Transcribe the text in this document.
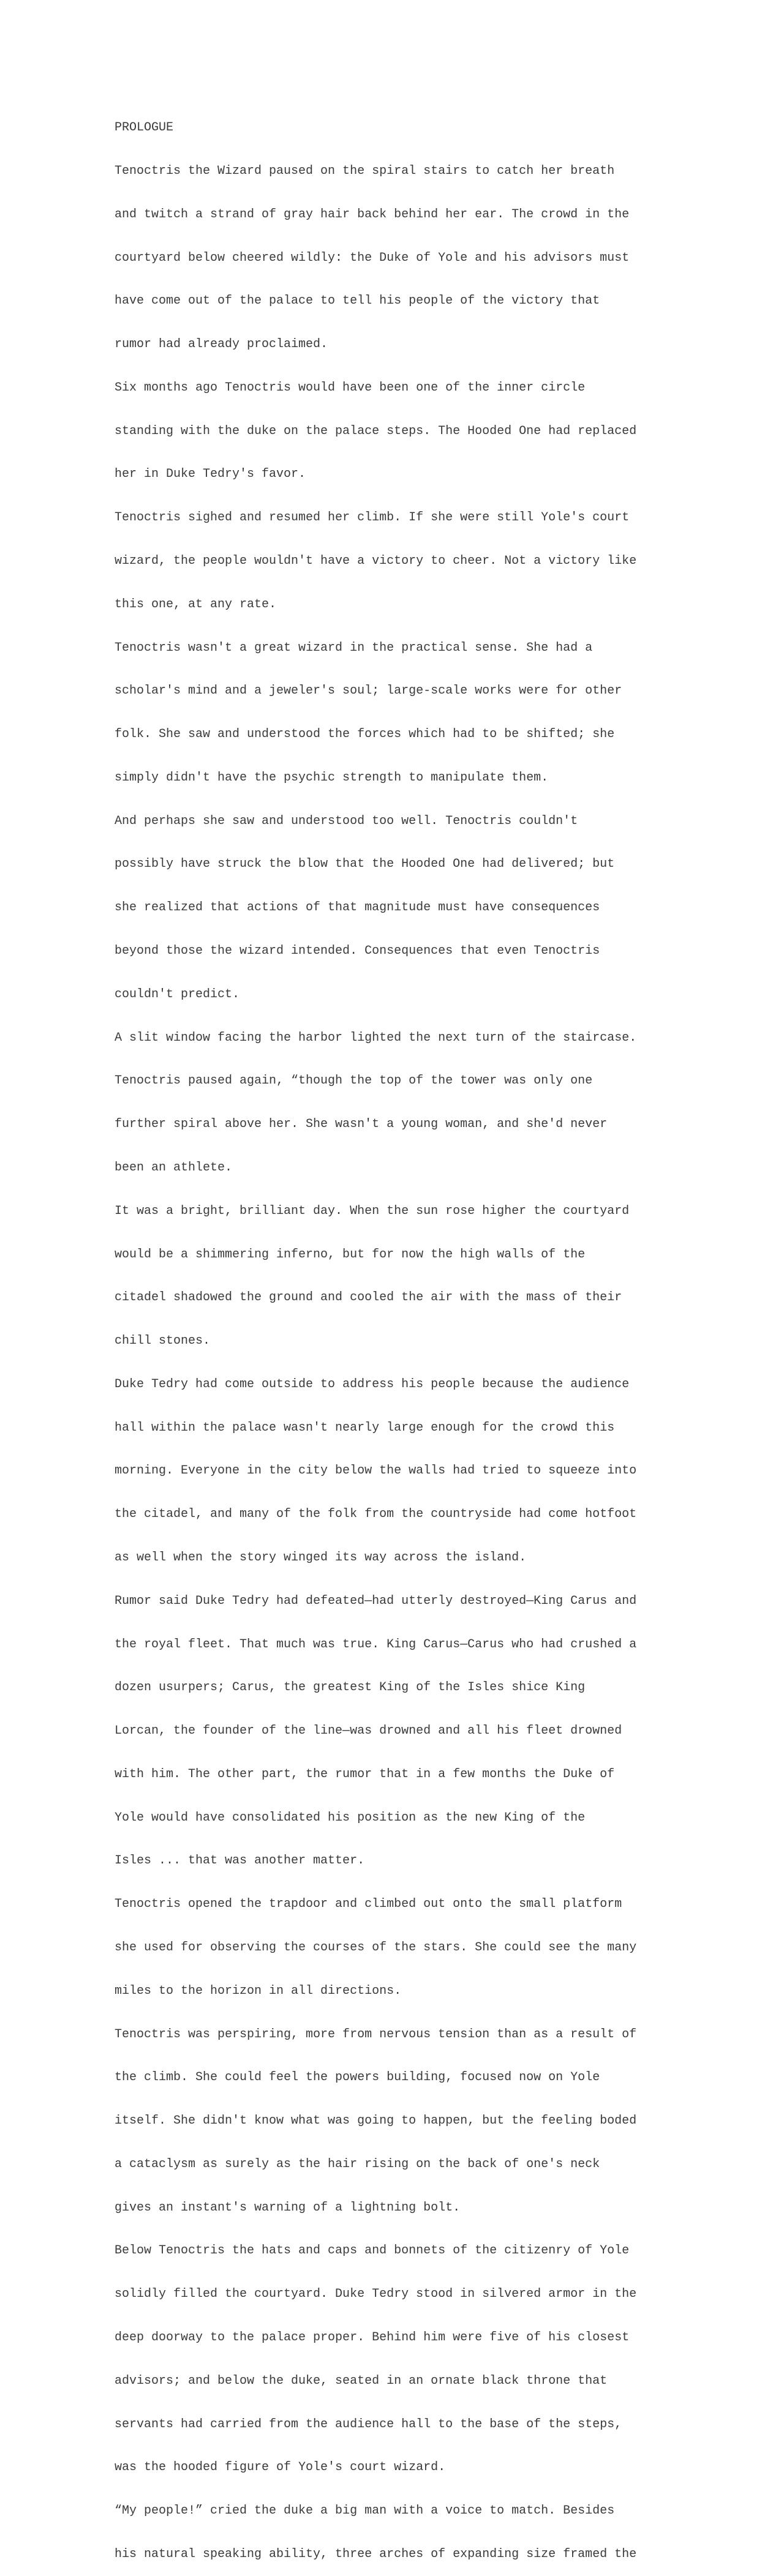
PROLOGUE

Tenoctris the Wizard paused on the spiral stairs to catch her breath

and twitch a strand of gray hair back behind her ear. The crowd in the

courtyard below cheered wildly: the Duke of Yole and his advisors must

have come out of the palace to tell his people of the victory that

rumor had already proclaimed.

Six months ago Tenoctris would have been one of the inner circle

standing with the duke on the palace steps. The Hooded One had replaced

her in Duke Tedry's favor.

Tenoctris sighed and resumed her climb. If she were still Yole's court

wizard, the people wouldn't have a victory to cheer. Not a victory like

this one, at any rate.

Tenoctris wasn't a great wizard in the practical sense. She had a

scholar's mind and a jeweler's soul; large-scale works were for other

folk. She saw and understood the forces which had to be shifted; she

simply didn't have the psychic strength to manipulate them.

And perhaps she saw and understood too well. Tenoctris couldn't

possibly have struck the blow that the Hooded One had delivered; but

she realized that actions of that magnitude must have consequences

beyond those the wizard intended. Consequences that even Tenoctris

couldn't predict.

A slit window facing the harbor lighted the next turn of the staircase.

Tenoctris paused again, “though the top of the tower was only one

further spiral above her. She wasn't a young woman, and she'd never

been an athlete.

It was a bright, brilliant day. When the sun rose higher the courtyard

would be a shimmering inferno, but for now the high walls of the

citadel shadowed the ground and cooled the air with the mass of their

chill stones.

Duke Tedry had come outside to address his people because the audience

hall within the palace wasn't nearly large enough for the crowd this

morning. Everyone in the city below the walls had tried to squeeze into

the citadel, and many of the folk from the countryside had come hotfoot

as well when the story winged its way across the island.

Rumor said Duke Tedry had defeated—had utterly destroyed—King Carus and

the royal fleet. That much was true. King Carus—Carus who had crushed a

dozen usurpers; Carus, the greatest King of the Isles shice King

Lorcan, the founder of the line—was drowned and all his fleet drowned

with him. The other part, the rumor that in a few months the Duke of

Yole would have consolidated his position as the new King of the

Isles ... that was another matter.

Tenoctris opened the trapdoor and climbed out onto the small platform

she used for observing the courses of the stars. She could see the many

miles to the horizon in all directions.

Tenoctris was perspiring, more from nervous tension than as a result of

the climb. She could feel the powers building, focused now on Yole

itself. She didn't know what was going to happen, but the feeling boded

a cataclysm as surely as the hair rising on the back of one's neck

gives an instant's warning of a lightning bolt.

Below Tenoctris the hats and caps and bonnets of the citizenry of Yole

solidly filled the courtyard. Duke Tedry stood in silvered armor in the

deep doorway to the palace proper. Behind him were five of his closest

advisors; and below the duke, seated in an ornate black throne that

servants had carried from the audience hall to the base of the steps,

was the hooded figure of Yole's court wizard.

“My people!” cried the duke a big man with a voice to match. Besides

his natural speaking ability, three arches of expanding size framed the
